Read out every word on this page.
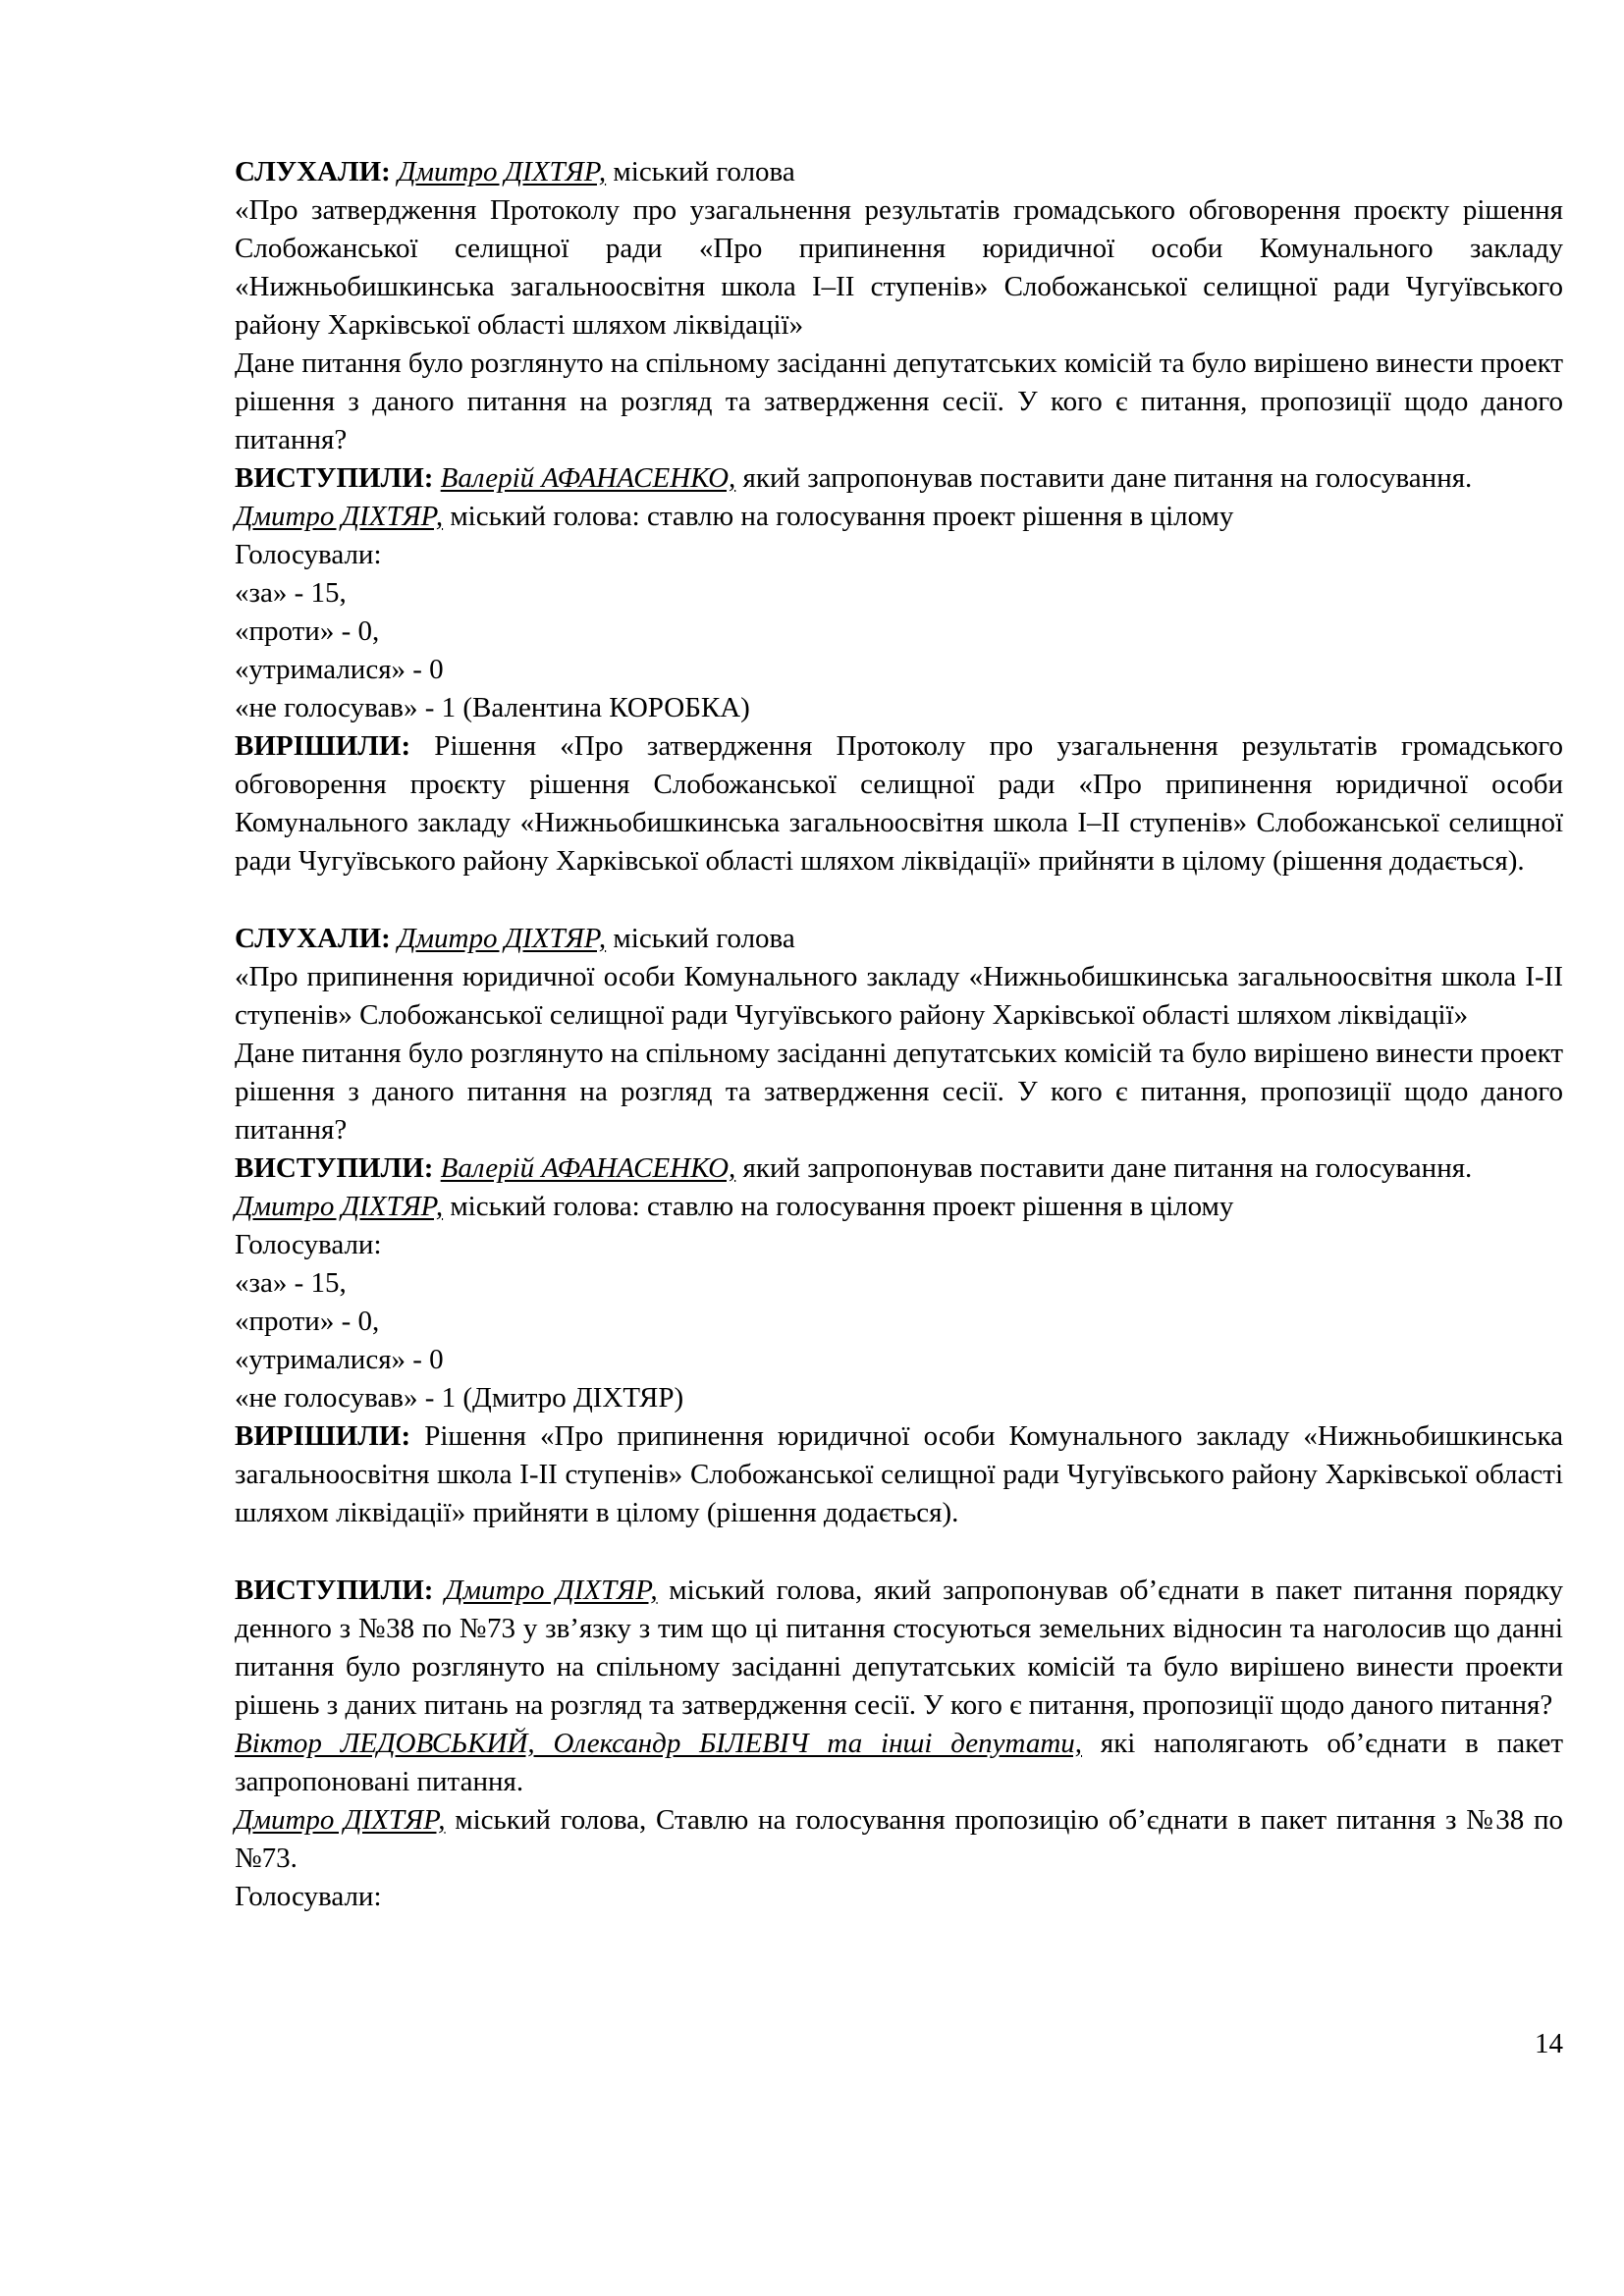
СЛУХАЛИ: Дмитро ДІХТЯР, міський голова

«Про затвердження Протоколу про узагальнення результатів громадського обговорення проєкту рішення Слобожанської селищної ради «Про припинення юридичної особи Комунального закладу «Нижньобишкинська загальноосвітня школа I–II ступенів» Слобожанської селищної ради Чугуївського району Харківської області шляхом ліквідації»

Дане питання було розглянуто на спільному засіданні депутатських комісій та було вирішено винести проект рішення з даного питання на розгляд та затвердження сесії. У кого є питання, пропозиції щодо даного питання?

ВИСТУПИЛИ: Валерій АФАНАСЕНКО, який запропонував поставити дане питання на голосування.

Дмитро ДІХТЯР, міський голова: ставлю на голосування проект рішення в цілому

Голосували:

«за» - 15,

«проти» - 0,

«утрималися» - 0

«не голосував» - 1 (Валентина КОРОБКА)

ВИРІШИЛИ: Рішення «Про затвердження Протоколу про узагальнення результатів громадського обговорення проєкту рішення Слобожанської селищної ради «Про припинення юридичної особи Комунального закладу «Нижньобишкинська загальноосвітня школа I–II ступенів» Слобожанської селищної ради Чугуївського району Харківської області шляхом ліквідації» прийняти в цілому (рішення додається).

СЛУХАЛИ: Дмитро ДІХТЯР, міський голова

«Про припинення юридичної особи Комунального закладу «Нижньобишкинська загальноосвітня школа I-II ступенів» Слобожанської селищної ради Чугуївського району Харківської області шляхом ліквідації»

Дане питання було розглянуто на спільному засіданні депутатських комісій та було вирішено винести проект рішення з даного питання на розгляд та затвердження сесії. У кого є питання, пропозиції щодо даного питання?

ВИСТУПИЛИ: Валерій АФАНАСЕНКО, який запропонував поставити дане питання на голосування.

Дмитро ДІХТЯР, міський голова: ставлю на голосування проект рішення в цілому

Голосували:

«за» - 15,

«проти» - 0,

«утрималися» - 0

«не голосував» - 1 (Дмитро ДІХТЯР)

ВИРІШИЛИ: Рішення «Про припинення юридичної особи Комунального закладу «Нижньобишкинська загальноосвітня школа I-II ступенів» Слобожанської селищної ради Чугуївського району Харківської області шляхом ліквідації» прийняти в цілому (рішення додається).

ВИСТУПИЛИ: Дмитро ДІХТЯР, міський голова, який запропонував об’єднати в пакет питання порядку денного з №38 по №73 у зв’язку з тим що ці питання стосуються земельних відносин та наголосив що данні питання було розглянуто на спільному засіданні депутатських комісій та було вирішено винести проекти рішень з даних питань на розгляд та затвердження сесії. У кого є питання, пропозиції щодо даного питання?

Віктор ЛЕДОВСЬКИЙ, Олександр БІЛЕВІЧ та інші депутати, які наполягають об’єднати в пакет запропоновані питання.

Дмитро ДІХТЯР, міський голова, Ставлю на голосування пропозицію об’єднати в пакет питання з №38 по №73.

Голосували:

14
